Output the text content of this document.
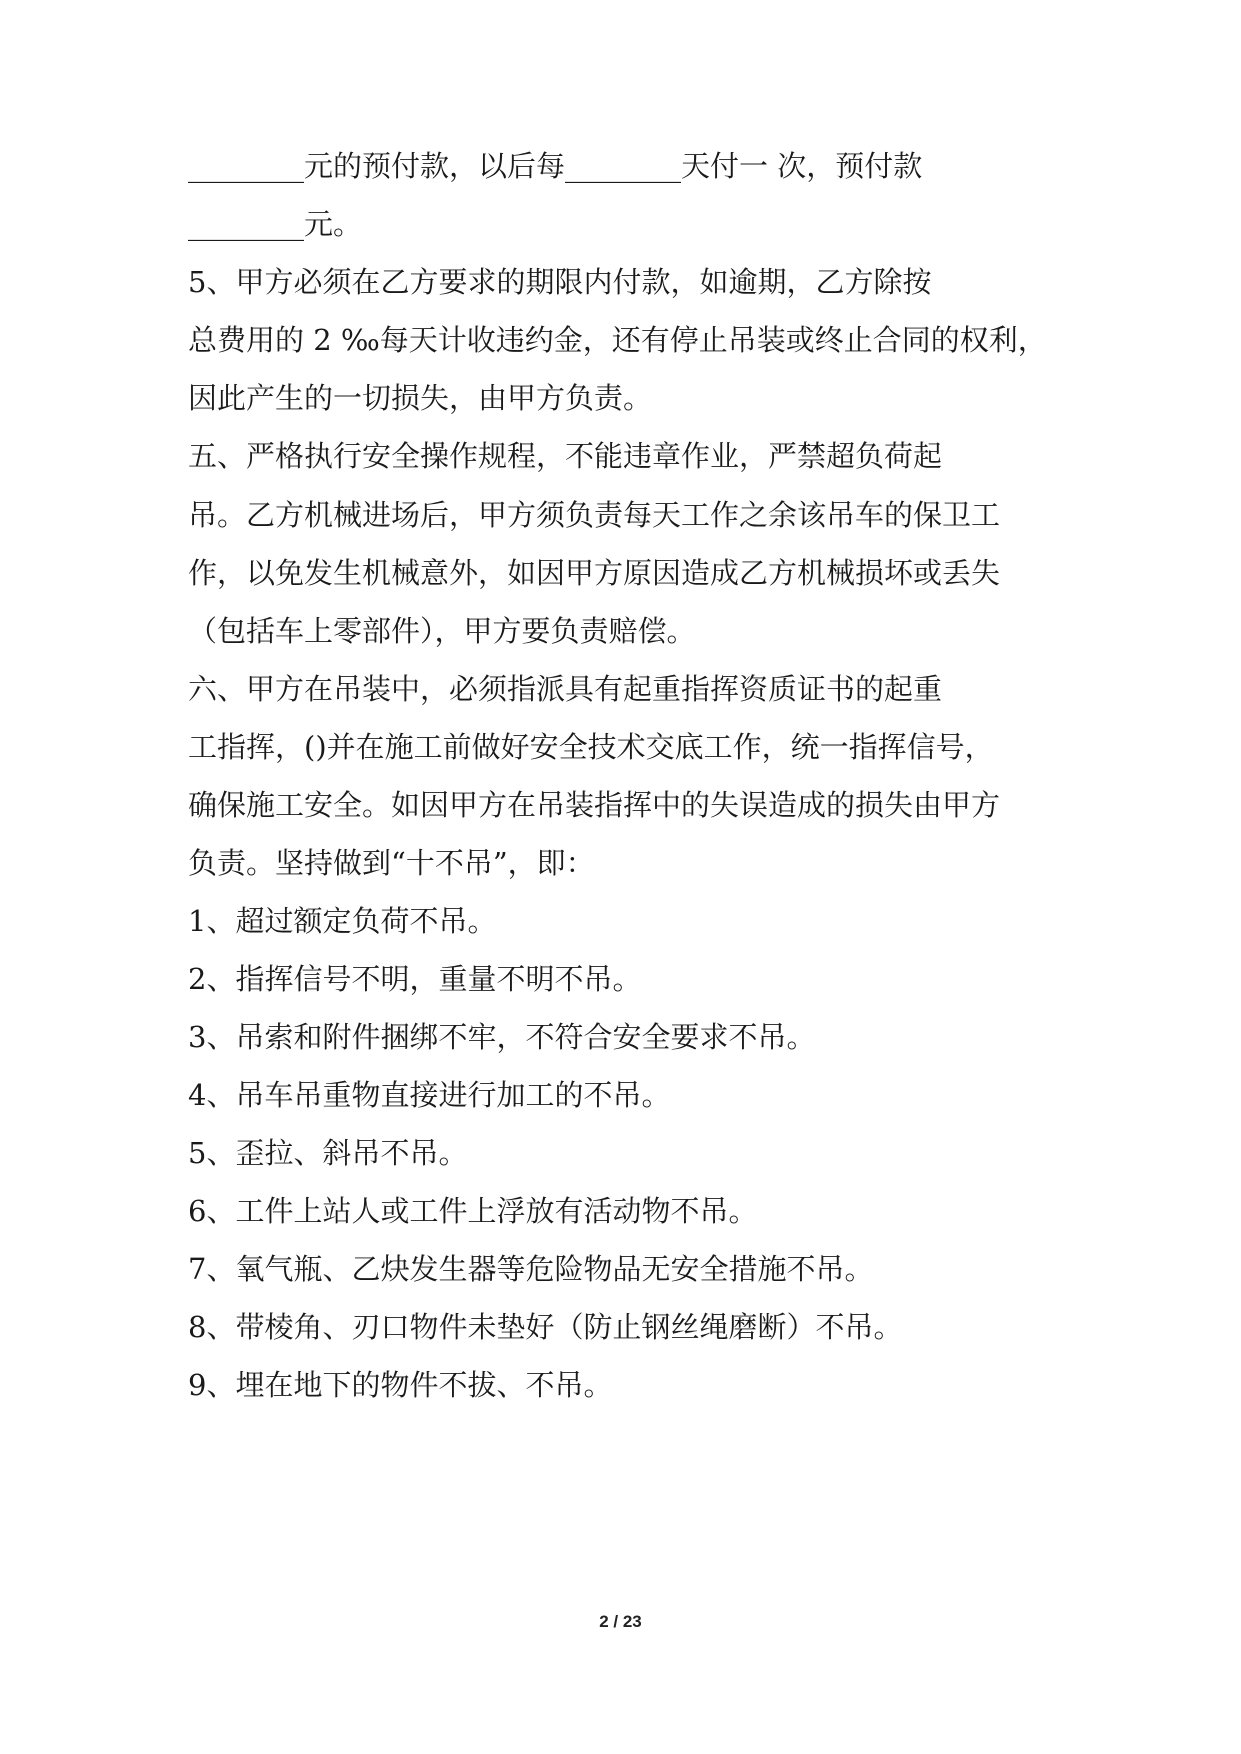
________元的预付款，以后每________天付一 次，预付款
________元。
5、甲方必须在乙方要求的期限内付款，如逾期，乙方除按
总费用的 2 ‰每天计收违约金，还有停止吊装或终止合同的权利，
因此产生的一切损失，由甲方负责。
五、严格执行安全操作规程，不能违章作业，严禁超负荷起
吊。乙方机械进场后，甲方须负责每天工作之余该吊车的保卫工
作，以免发生机械意外，如因甲方原因造成乙方机械损坏或丢失
（包括车上零部件），甲方要负责赔偿。
六、甲方在吊装中，必须指派具有起重指挥资质证书的起重
工指挥，()并在施工前做好安全技术交底工作，统一指挥信号，
确保施工安全。如因甲方在吊装指挥中的失误造成的损失由甲方
负责。坚持做到“十不吊”，即：
1、超过额定负荷不吊。
2、指挥信号不明，重量不明不吊。
3、吊索和附件捆绑不牢，不符合安全要求不吊。
4、吊车吊重物直接进行加工的不吊。
5、歪拉、斜吊不吊。
6、工件上站人或工件上浮放有活动物不吊。
7、氧气瓶、乙炔发生器等危险物品无安全措施不吊。
8、带棱角、刃口物件未垫好（防止钢丝绳磨断）不吊。
9、埋在地下的物件不拔、不吊。
2 / 23
